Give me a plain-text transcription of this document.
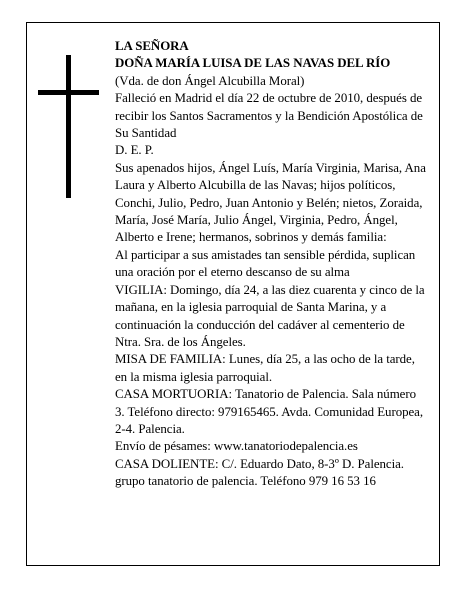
LA SEÑORA

DOÑA MARÍA LUISA DE LAS NAVAS DEL RÍO

(Vda. de don Ángel Alcubilla Moral)

Falleció en Madrid el día 22 de octubre de 2010, después de recibir los Santos Sacramentos y la Bendición Apostólica de Su Santidad

D. E. P.

Sus apenados hijos, Ángel Luís, María Virginia, Marisa, Ana Laura y Alberto Alcubilla de las Navas; hijos políticos, Conchi, Julio, Pedro, Juan Antonio y Belén; nietos, Zoraida, María, José María, Julio Ángel, Virginia, Pedro, Ángel, Alberto e Irene; hermanos, sobrinos y demás familia:

Al participar a sus amistades tan sensible pérdida, suplican una oración por el eterno descanso de su alma

VIGILIA: Domingo, día 24, a las diez cuarenta y cinco de la mañana, en la iglesia parroquial de Santa Marina, y a continuación la conducción del cadáver al cementerio de Ntra. Sra. de los Ángeles.

MISA DE FAMILIA: Lunes, día 25, a las ocho de la tarde, en la misma iglesia parroquial.

CASA MORTUORIA: Tanatorio de Palencia. Sala número 3. Teléfono directo: 979165465. Avda. Comunidad Europea, 2-4. Palencia.

Envío de pésames: www.tanatoriodepalencia.es

CASA DOLIENTE: C/. Eduardo Dato, 8-3º D. Palencia.

grupo tanatorio de palencia. Teléfono 979 16 53 16
